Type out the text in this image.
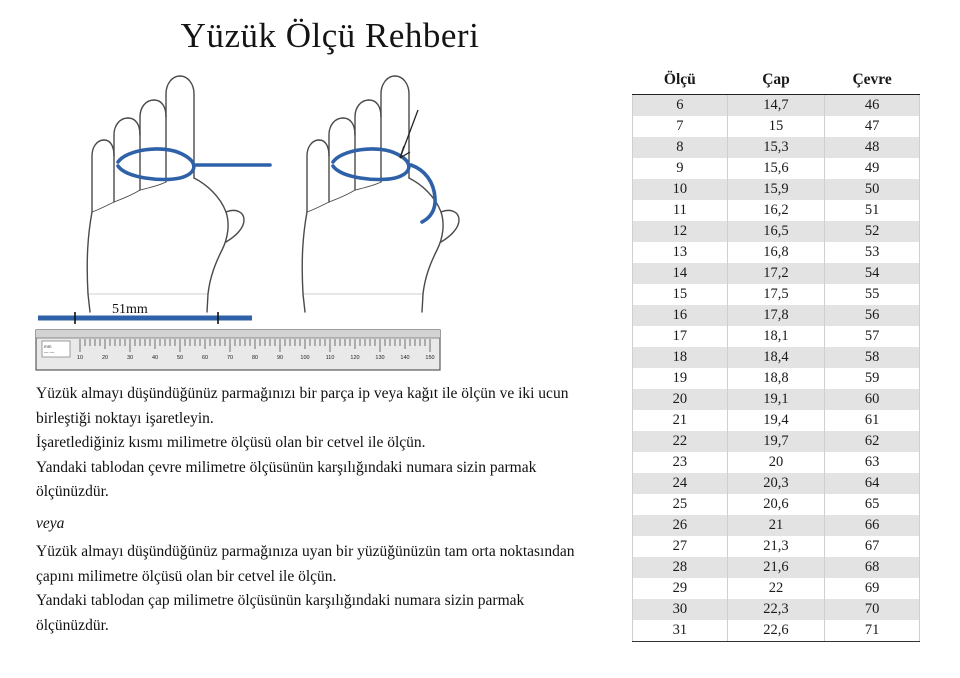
Yüzük Ölçü Rehberi
51mm
mm
— —
10	20	30	40	50	60	70	80	90	100	110	120	130	140	150

Yüzük almayı düşündüğünüz parmağınızı bir parça ip veya kağıt ile ölçün ve iki ucun birleştiği noktayı işaretleyin.

İşaretlediğiniz kısmı milimetre ölçüsü olan bir cetvel ile ölçün.

Yandaki tablodan çevre milimetre ölçüsünün karşılığındaki numara sizin parmak ölçünüzdür.

veya

Yüzük almayı düşündüğünüz parmağınıza uyan bir yüzüğünüzün tam orta noktasından çapını milimetre ölçüsü olan bir cetvel ile ölçün.

Yandaki tablodan çap milimetre ölçüsünün karşılığındaki numara sizin parmak ölçünüzdür.

Ölçü	Çap	Çevre
6	14,7	46
7	15	47
8	15,3	48
9	15,6	49
10	15,9	50
11	16,2	51
12	16,5	52
13	16,8	53
14	17,2	54
15	17,5	55
16	17,8	56
17	18,1	57
18	18,4	58
19	18,8	59
20	19,1	60
21	19,4	61
22	19,7	62
23	20	63
24	20,3	64
25	20,6	65
26	21	66
27	21,3	67
28	21,6	68
29	22	69
30	22,3	70
31	22,6	71
